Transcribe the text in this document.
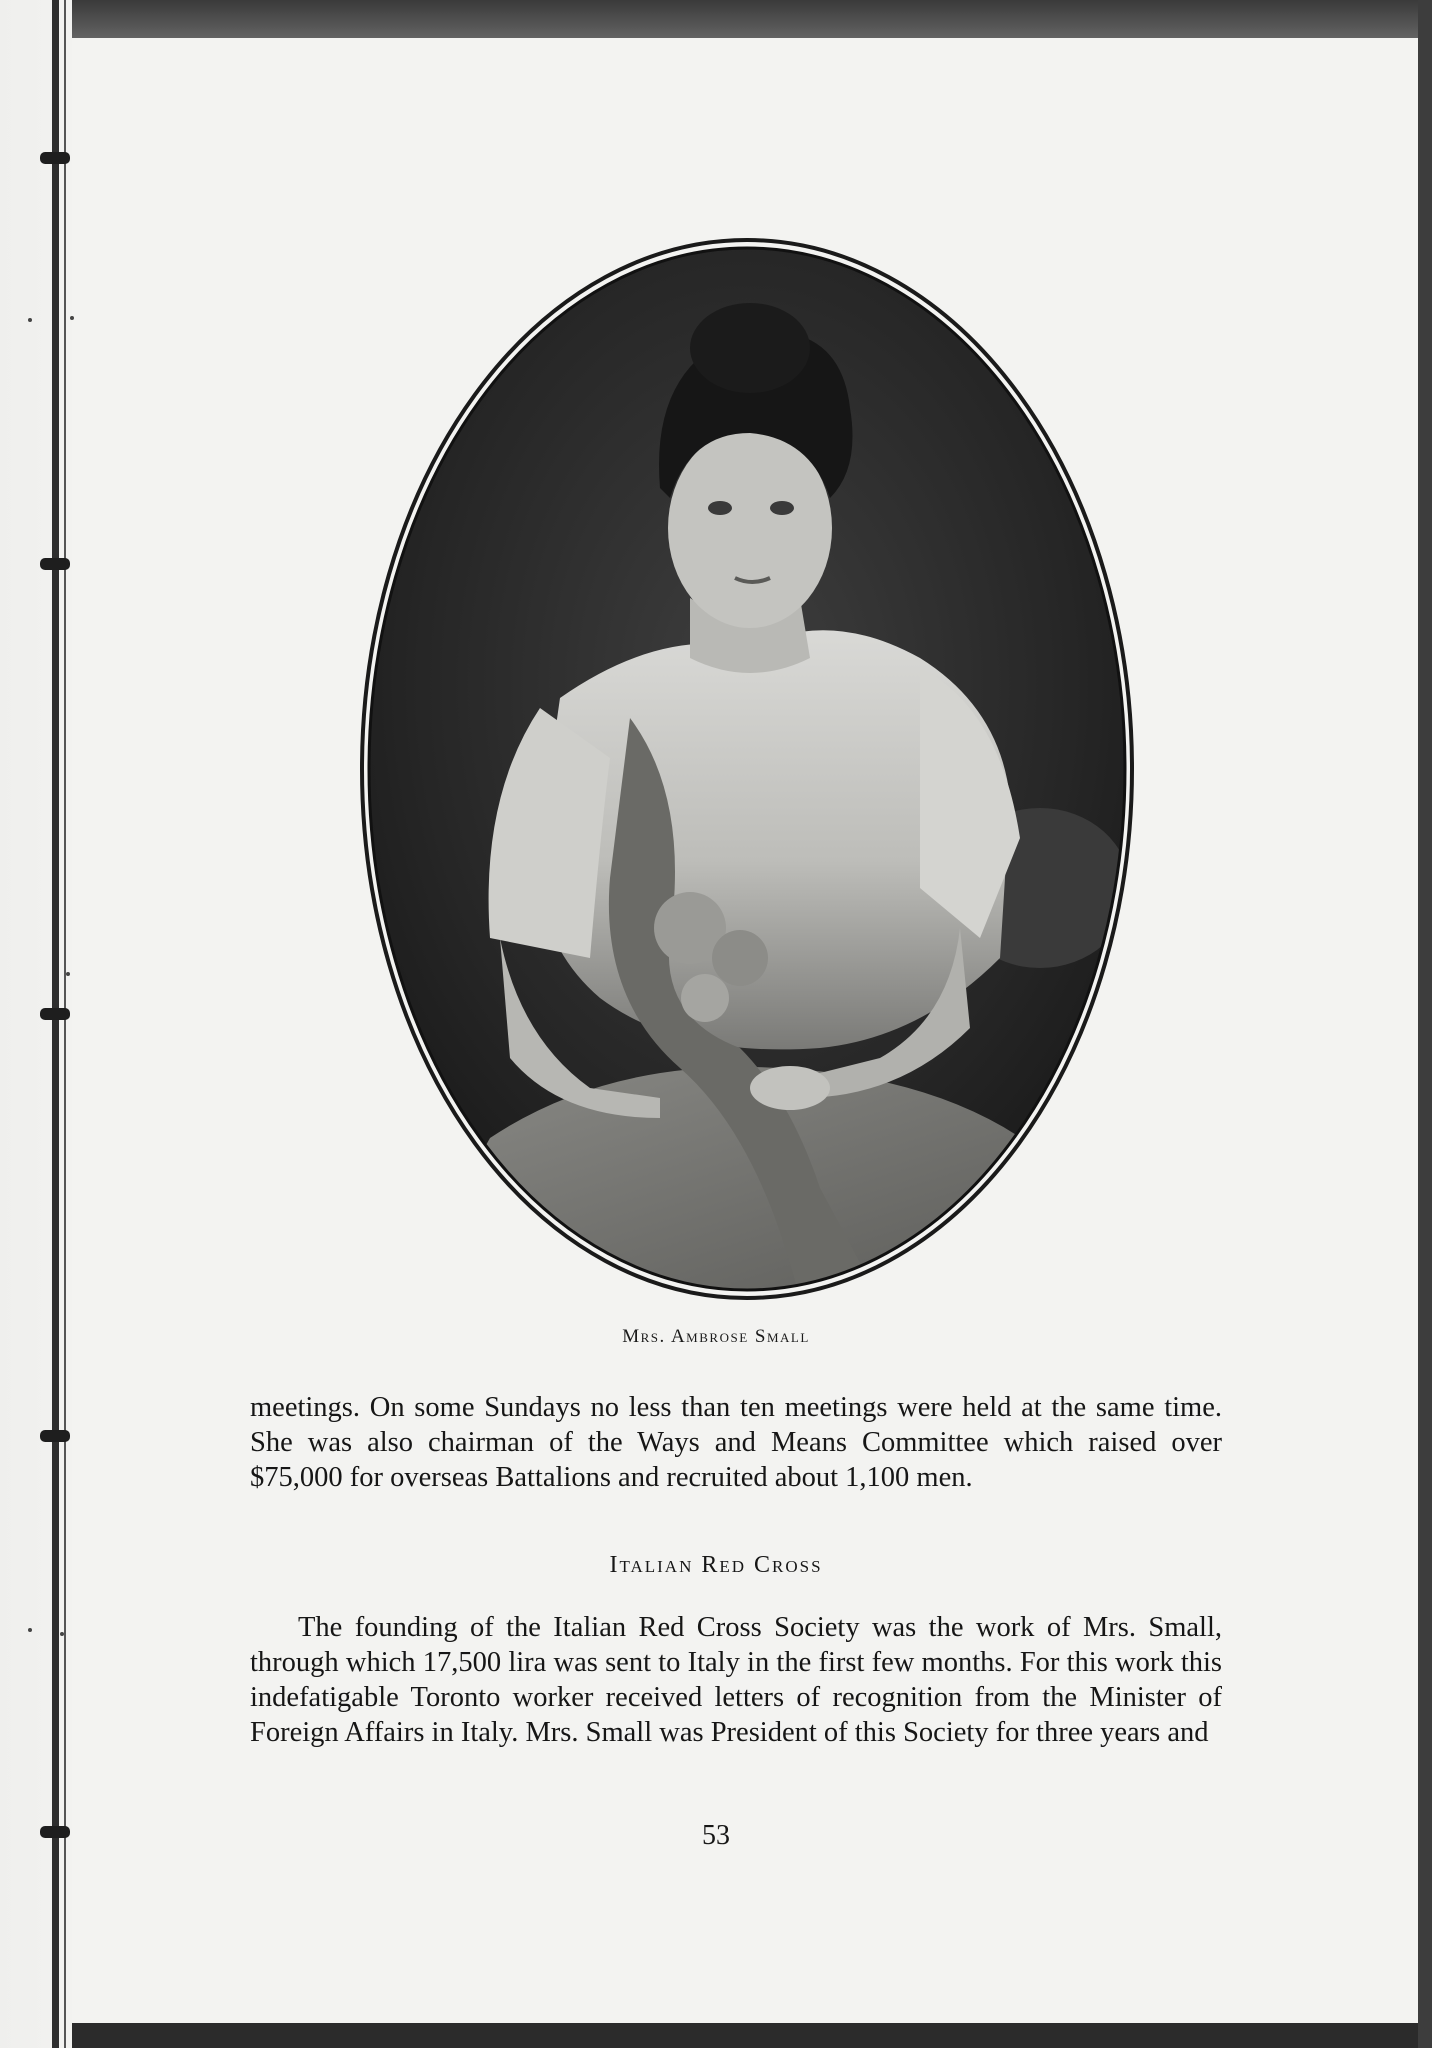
Mrs. Ambrose Small

meetings. On some Sundays no less than ten meetings were held at the same time. She was also chairman of the Ways and Means Committee which raised over $75,000 for overseas Battalions and recruited about 1,100 men.

Italian Red Cross

The founding of the Italian Red Cross Society was the work of Mrs. Small, through which 17,500 lira was sent to Italy in the first few months. For this work this indefatigable Toronto worker received letters of recognition from the Minister of Foreign Affairs in Italy. Mrs. Small was President of this Society for three years and

53
